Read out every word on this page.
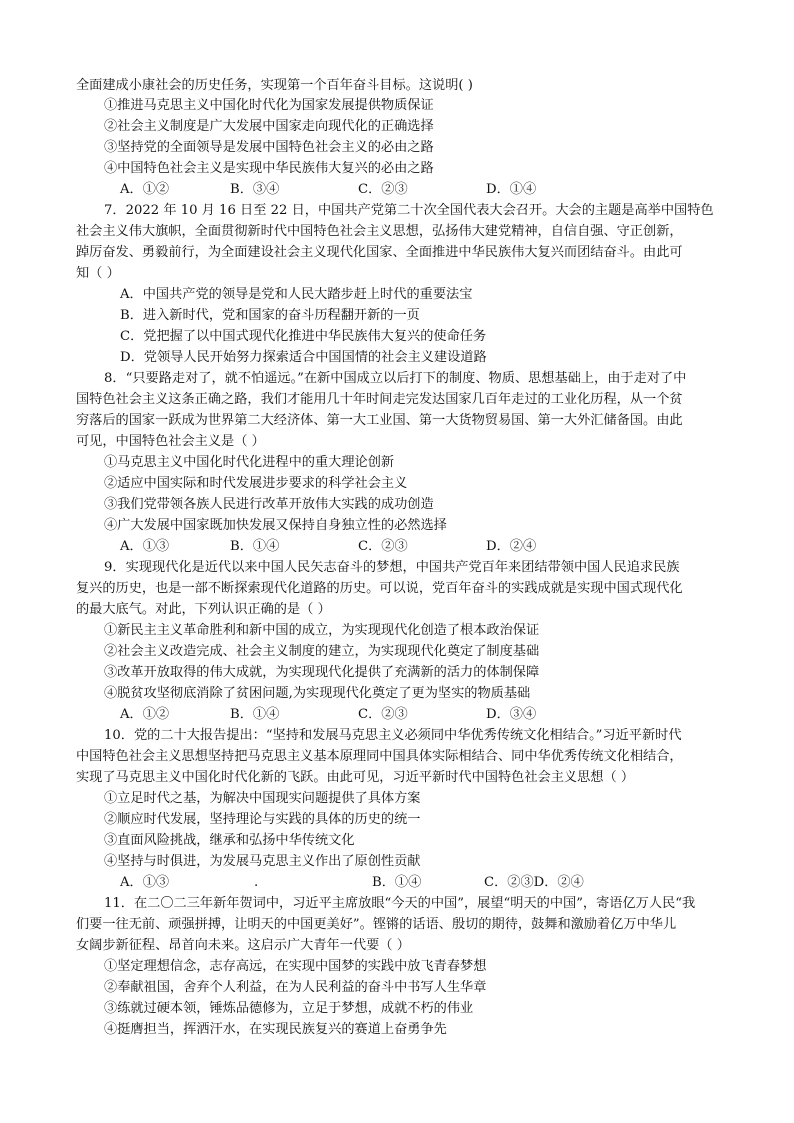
全面建成小康社会的历史任务，实现第一个百年奋斗目标。这说明( )
①推进马克思主义中国化时代化为国家发展提供物质保证
②社会主义制度是广大发展中国家走向现代化的正确选择
③坚持党的全面领导是发展中国特色社会主义的必由之路
④中国特色社会主义是实现中华民族伟大复兴的必由之路
A．①②	B．③④	C．②③	D．①④
7．2022 年 10 月 16 日至 22 日，中国共产党第二十次全国代表大会召开。大会的主题是高举中国特色
社会主义伟大旗帜，全面贯彻新时代中国特色社会主义思想，弘扬伟大建党精神，自信自强、守正创新，
踔厉奋发、勇毅前行，为全面建设社会主义现代化国家、全面推进中华民族伟大复兴而团结奋斗。由此可
知（ ）
A．中国共产党的领导是党和人民大踏步赶上时代的重要法宝
B．进入新时代，党和国家的奋斗历程翻开新的一页
C．党把握了以中国式现代化推进中华民族伟大复兴的使命任务
D．党领导人民开始努力探索适合中国国情的社会主义建设道路
8．“只要路走对了，就不怕遥远。”在新中国成立以后打下的制度、物质、思想基础上，由于走对了中
国特色社会主义这条正确之路，我们才能用几十年时间走完发达国家几百年走过的工业化历程，从一个贫
穷落后的国家一跃成为世界第二大经济体、第一大工业国、第一大货物贸易国、第一大外汇储备国。由此
可见，中国特色社会主义是（ ）
①马克思主义中国化时代化进程中的重大理论创新
②适应中国实际和时代发展进步要求的科学社会主义
③我们党带领各族人民进行改革开放伟大实践的成功创造
④广大发展中国家既加快发展又保持自身独立性的必然选择
A．①③	B．①④	C．②③	D．②④
9．实现现代化是近代以来中国人民矢志奋斗的梦想，中国共产党百年来团结带领中国人民追求民族
复兴的历史，也是一部不断探索现代化道路的历史。可以说，党百年奋斗的实践成就是实现中国式现代化
的最大底气。对此，下列认识正确的是（ ）
①新民主主义革命胜利和新中国的成立，为实现现代化创造了根本政治保证
②社会主义改造完成、社会主义制度的建立，为实现现代化奠定了制度基础
③改革开放取得的伟大成就，为实现现代化提供了充满新的活力的体制保障
④脱贫攻坚彻底消除了贫困问题,为实现现代化奠定了更为坚实的物质基础
A．①②	B．①④	C．②③	D．③④
10．党的二十大报告提出：“坚持和发展马克思主义必须同中华优秀传统文化相结合。”习近平新时代
中国特色社会主义思想坚持把马克思主义基本原理同中国具体实际相结合、同中华优秀传统文化相结合，
实现了马克思主义中国化时代化新的飞跃。由此可见，习近平新时代中国特色社会主义思想（ ）
①立足时代之基，为解决中国现实问题提供了具体方案
②顺应时代发展，坚持理论与实践的具体的历史的统一
③直面风险挑战，继承和弘扬中华传统文化
④坚持与时俱进，为发展马克思主义作出了原创性贡献
A．①③	.	B．①④	C．②③D．②④
11．在二〇二三年新年贺词中，习近平主席放眼“今天的中国”，展望“明天的中国”，寄语亿万人民“我
们要一往无前、顽强拼搏，让明天的中国更美好”。铿锵的话语、殷切的期待，鼓舞和激励着亿万中华儿
女阔步新征程、昂首向未来。这启示广大青年一代要（ ）
①坚定理想信念，志存高远，在实现中国梦的实践中放飞青春梦想
②奉献祖国，舍弃个人利益，在为人民利益的奋斗中书写人生华章
③练就过硬本领，锤炼品德修为，立足于梦想，成就不朽的伟业
④挺膺担当，挥洒汗水，在实现民族复兴的赛道上奋勇争先
